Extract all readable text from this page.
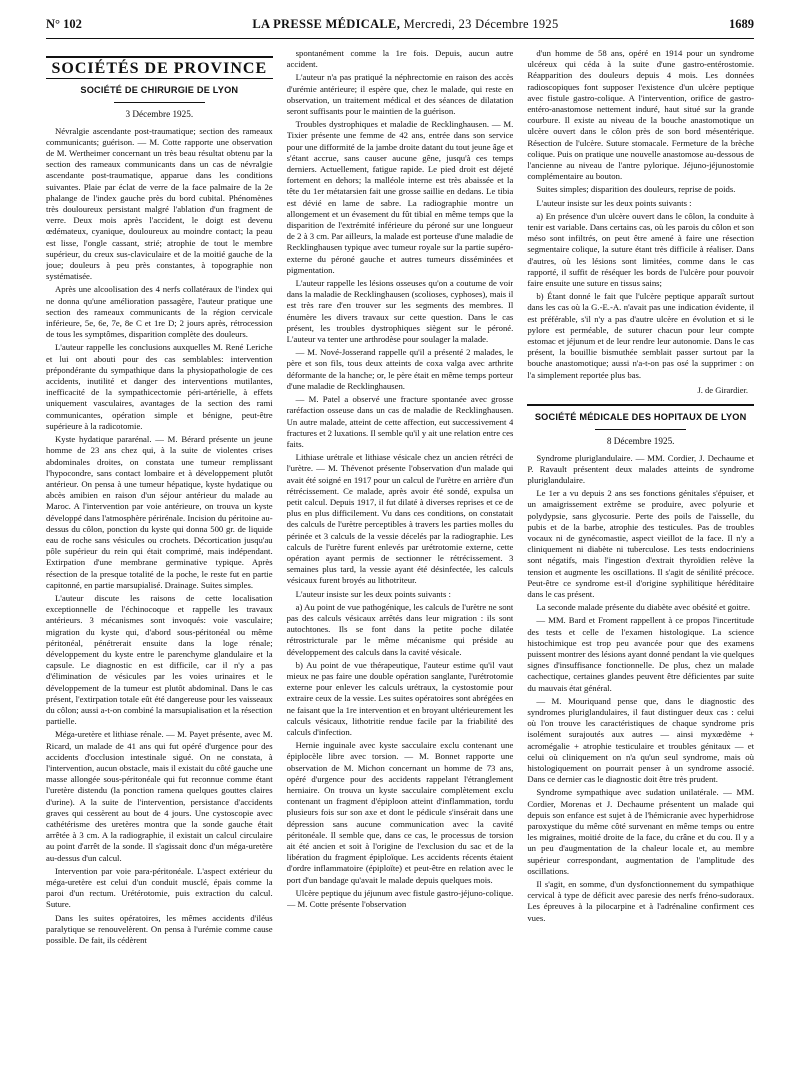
N° 102	LA PRESSE MÉDICALE, Mercredi, 23 Décembre 1925	1689
SOCIÉTÉS DE PROVINCE
SOCIÉTÉ DE CHIRURGIE DE LYON
3 Décembre 1925.

Névralgie ascendante post-traumatique; section des rameaux communicants; guérison. — M. Cotte rapporte une observation de M. Wertheimer concernant un très beau résultat obtenu par la section des rameaux communicants dans un cas de névralgie ascendante post-traumatique, apparue dans les conditions suivantes. Plaie par éclat de verre de la face palmaire de la 2e phalange de l'index gauche près du bord cubital. Phénomènes très douloureux persistant malgré l'ablation d'un fragment de verre. Deux mois après l'accident, le doigt est devenu œdémateux, cyanique, douloureux au moindre contact; la peau est lisse, l'ongle cassant, strié; atrophie de tout le membre supérieur, du creux sus-claviculaire et de la moitié gauche de la joue; douleurs à peu près constantes, à topographie non systématisée.

Après une alcoolisation des 4 nerfs collatéraux de l'index qui ne donna qu'une amélioration passagère, l'auteur pratique une section des rameaux communicants de la région cervicale inférieure, 5e, 6e, 7e, 8e C et 1re D; 2 jours après, rétrocession de tous les symptômes, disparition complète des douleurs.

L'auteur rappelle les conclusions auxquelles M. René Leriche et lui ont abouti pour des cas semblables: intervention prépondérante du sympathique dans la physiopathologie de ces accidents, inutilité et danger des interventions mutilantes, inefficacité de la sympathicectomie péri-artérielle, à effets uniquement vasculaires, avantages de la section des rami communicantes, opération simple et bénigne, peut-être supérieure à la radicotomie.

Kyste hydatique pararénal. — M. Bérard présente un jeune homme de 23 ans chez qui, à la suite de violentes crises abdominales droites, on constata une tumeur remplissant l'hypocondre, sans contact lombaire et à développement plutôt antérieur. On pensa à une tumeur hépatique, kyste hydatique ou abcès amibien en raison d'un séjour antérieur du malade au Maroc. A l'intervention par voie antérieure, on trouva un kyste développé dans l'atmosphère périrénale. Incision du péritoine au-dessus du côlon, ponction du kyste qui donna 500 gr. de liquide eau de roche sans vésicules ou crochets. Décortication jusqu'au pôle supérieur du rein qui était comprimé, mais indépendant. Extirpation d'une membrane germinative typique. Après résection de la presque totalité de la poche, le reste fut en partie capitonné, en partie marsupialisé. Drainage. Suites simples.

L'auteur discute les raisons de cette localisation exceptionnelle de l'échinocoque et rappelle les travaux antérieurs. 3 mécanismes sont invoqués: voie vasculaire; migration du kyste qui, d'abord sous-péritonéal ou même péritonéal, pénétrerait ensuite dans la loge rénale; développement du kyste entre le parenchyme glandulaire et la capsule. Le diagnostic en est difficile, car il n'y a pas d'élimination de vésicules par les voies urinaires et le développement de la tumeur est plutôt abdominal. Dans le cas présent, l'extirpation totale eût été dangereuse pour les vaisseaux du côlon; aussi a-t-on combiné la marsupialisation et la résection partielle.

Méga-uretère et lithiase rénale. — M. Payet présente, avec M. Ricard, un malade de 41 ans qui fut opéré d'urgence pour des accidents d'occlusion intestinale sigué. On ne constata, à l'intervention, aucun obstacle, mais il existait du côté gauche une masse allongée sous-péritonéale qui fut reconnue comme étant l'uretère distendu (la ponction ramena quelques gouttes claires d'urine). A la suite de l'intervention, persistance d'accidents graves qui cessèrent au bout de 4 jours. Une cystoscopie avec cathétérisme des uretères montra que la sonde gauche était arrêtée à 3 cm. A la radiographie, il existait un calcul circulaire au point d'arrêt de la sonde. Il s'agissait donc d'un méga-uretère au-dessus d'un calcul.

Intervention par voie para-péritonéale. L'aspect extérieur du méga-uretère est celui d'un conduit musclé, épais comme la paroi d'un rectum. Urétérotomie, puis extraction du calcul. Suture.

Dans les suites opératoires, les mêmes accidents d'iléus paralytique se renouvelèrent. On pensa à l'urémie comme cause possible. De fait, ils cédèrent

spontanément comme la 1re fois. Depuis, aucun autre accident.

L'auteur n'a pas pratiqué la néphrectomie en raison des accès d'urémie antérieure; il espère que, chez le malade, qui reste en observation, un traitement médical et des séances de dilatation seront suffisants pour le maintien de la guérison.

Troubles dystrophiques et maladie de Recklinghausen. — M. Tixier présente une femme de 42 ans, entrée dans son service pour une difformité de la jambe droite datant du tout jeune âge et s'étant accrue, sans causer aucune gêne, jusqu'à ces temps derniers. Actuellement, fatigue rapide. Le pied droit est déjeté fortement en dehors; la malléole interne est très abaissée et la tête du 1er métatarsien fait une grosse saillie en dedans. Le tibia est dévié en lame de sabre. La radiographie montre un allongement et un évasement du fût tibial en même temps que la disparition de l'extrémité inférieure du péroné sur une longueur de 2 à 3 cm. Par ailleurs, la malade est porteuse d'une maladie de Recklinghausen typique avec tumeur royale sur la partie supéro-externe du péroné gauche et autres tumeurs disséminées et pigmentation.

L'auteur rappelle les lésions osseuses qu'on a coutume de voir dans la maladie de Recklinghausen (scolioses, cyphoses), mais il est très rare d'en trouver sur les segments des membres. Il énumère les divers travaux sur cette question. Dans le cas présent, les troubles dystrophiques siègent sur le péroné. L'auteur va tenter une arthrodèse pour soulager la malade.

— M. Nové-Josserand rappelle qu'il a présenté 2 malades, le père et son fils, tous deux atteints de coxa valga avec arthrite déformante de la hanche; or, le père était en même temps porteur d'une maladie de Recklinghausen.

— M. Patel a observé une fracture spontanée avec grosse raréfaction osseuse dans un cas de maladie de Recklinghausen. Un autre malade, atteint de cette affection, eut successivement 4 fractures et 2 luxations. Il semble qu'il y ait une relation entre ces faits.

Lithiase urétrale et lithiase vésicale chez un ancien rétréci de l'urètre. — M. Thévenot présente l'observation d'un malade qui avait été soigné en 1917 pour un calcul de l'urètre en arrière d'un rétrécissement. Ce malade, après avoir été sondé, expulsa un petit calcul. Depuis 1917, il fut dilaté à diverses reprises et ce de plus en plus difficilement. Vu dans ces conditions, on constatait des calculs de l'urètre perceptibles à travers les parties molles du périnée et 3 calculs de la vessie décelés par la radiographie. Les calculs de l'urètre furent enlevés par urétrotomie externe, cette opération ayant permis de sectionner le rétrécissement. 3 semaines plus tard, la vessie ayant été désinfectée, les calculs vésicaux furent broyés au lithotriteur.

L'auteur insiste sur les deux points suivants :

a) Au point de vue pathogénique, les calculs de l'urètre ne sont pas des calculs vésicaux arrêtés dans leur migration : ils sont autochtones. Ils se font dans la petite poche dilatée rétrostricturale par le même mécanisme qui préside au développement des calculs dans la cavité vésicale.

b) Au point de vue thérapeutique, l'auteur estime qu'il vaut mieux ne pas faire une double opération sanglante, l'urétrotomie externe pour enlever les calculs urétraux, la cystostomie pour extraire ceux de la vessie. Les suites opératoires sont abrégées en ne faisant que la 1re intervention et en broyant ultérieurement les calculs vésicaux, lithotritie rendue facile par la friabilité des calculs d'infection.

Hernie inguinale avec kyste sacculaire exclu contenant une épiplocèle libre avec torsion. — M. Bonnet rapporte une observation de M. Michon concernant un homme de 73 ans, opéré d'urgence pour des accidents rappelant l'étranglement herniaire. On trouva un kyste sacculaire complètement exclu contenant un fragment d'épiploon atteint d'inflammation, tordu plusieurs fois sur son axe et dont le pédicule s'insérait dans une dépression sans aucune communication avec la cavité péritonéale. Il semble que, dans ce cas, le processus de torsion ait été ancien et soit à l'origine de l'exclusion du sac et de la libération du fragment épiploïque. Les accidents récents étaient d'ordre inflammatoire (épiploïte) et peut-être en relation avec le port d'un bandage qu'avait le malade depuis quelques mois.

Ulcère peptique du jéjunum avec fistule gastro-jéjuno-colique. — M. Cotte présente l'observation

d'un homme de 58 ans, opéré en 1914 pour un syndrome ulcéreux qui céda à la suite d'une gastro-entérostomie. Réapparition des douleurs depuis 4 mois. Les données radioscopiques font supposer l'existence d'un ulcère peptique avec fistule gastro-colique. A l'intervention, orifice de gastro-entéro-anastomose nettement induré, haut situé sur la grande courbure. Il existe au niveau de la bouche anastomotique un ulcère ouvert dans le côlon près de son bord mésentérique. Résection de l'ulcère. Suture stomacale. Fermeture de la brèche colique. Puis on pratique une nouvelle anastomose au-dessous de l'ancienne au niveau de l'antre pylorique. Jéjuno-jéjunostomie complémentaire au bouton.

Suites simples; disparition des douleurs, reprise de poids.

L'auteur insiste sur les deux points suivants :

a) En présence d'un ulcère ouvert dans le côlon, la conduite à tenir est variable. Dans certains cas, où les parois du côlon et son méso sont infiltrés, on peut être amené à faire une résection segmentaire colique, la suture étant très difficile à réaliser. Dans d'autres, où les lésions sont limitées, comme dans le cas rapporté, il suffit de réséquer les bords de l'ulcère pour pouvoir faire ensuite une suture en tissus sains;

b) Étant donné le fait que l'ulcère peptique apparaît surtout dans les cas où la G.-E.-A. n'avait pas une indication évidente, il est préférable, s'il n'y a pas d'autre ulcère en évolution et si le pylore est perméable, de suturer chacun pour leur compte estomac et jéjunum et de leur rendre leur autonomie. Dans le cas présent, la bouillie bismuthée semblait passer surtout par la bouche anastomotique; aussi n'a-t-on pas osé la supprimer : on l'a simplement reportée plus bas.

J. de Girardier.
SOCIÉTÉ MÉDICALE DES HOPITAUX DE LYON
8 Décembre 1925.

Syndrome pluriglandulaire. — MM. Cordier, J. Dechaume et P. Ravault présentent deux malades atteints de syndrome pluriglandulaire.

Le 1er a vu depuis 2 ans ses fonctions génitales s'épuiser, et un amaigrissement extrême se produire, avec polyurie et polydypsie, sans glycosurie. Perte des poils de l'aisselle, du pubis et de la barbe, atrophie des testicules. Pas de troubles vocaux ni de gynécomastie, aspect vieillot de la face. Il n'y a cliniquement ni diabète ni tuberculose. Les tests endocriniens sont négatifs, mais l'ingestion d'extrait thyroïdien relève la tension et augmente les oscillations. Il s'agit de sénilité précoce. Peut-être ce syndrome est-il d'origine syphilitique héréditaire dans le cas présent.

La seconde malade présente du diabète avec obésité et goitre.

— MM. Bard et Froment rappellent à ce propos l'incertitude des tests et celle de l'examen histologique. La science histochimique est trop peu avancée pour que des examens puissent montrer des lésions ayant donné pendant la vie quelques signes d'insuffisance fonctionnelle. De plus, chez un malade cachectique, certaines glandes peuvent être déficientes par suite du mauvais état général.

— M. Mouriquand pense que, dans le diagnostic des syndromes pluriglandulaires, il faut distinguer deux cas : celui où l'on trouve les caractéristiques de chaque syndrome pris isolément surajoutés aux autres — ainsi myxœdème + acromégalie + atrophie testiculaire et troubles génitaux — et celui où cliniquement on n'a qu'un seul syndrome, mais où histologiquement on pourrait penser à un syndrome associé. Dans ce dernier cas le diagnostic doit être très prudent.

Syndrome sympathique avec sudation unilatérale. — MM. Cordier, Morenas et J. Dechaume présentent un malade qui depuis son enfance est sujet à de l'hémicranie avec hyperhidrose paroxystique du même côté survenant en même temps ou entre les migraines, moitié droite de la face, du crâne et du cou. Il y a un peu d'augmentation de la chaleur locale et, au membre supérieur correspondant, augmentation de l'amplitude des oscillations.

Il s'agit, en somme, d'un dysfonctionnement du sympathique cervical à type de déficit avec paresie des nerfs fréno-sudoraux. Les épreuves à la pilocarpine et à l'adrénaline confirment ces vues.
